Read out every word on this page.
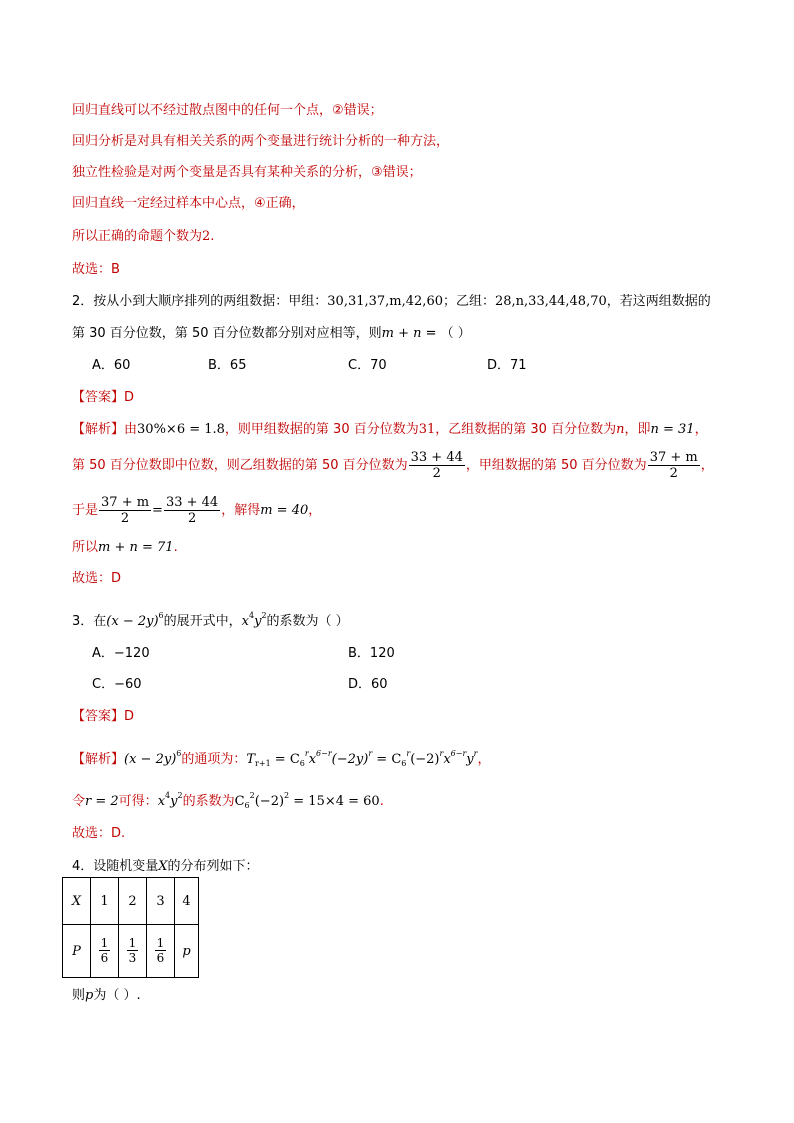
回归直线可以不经过散点图中的任何一个点，②错误；
回归分析是对具有相关关系的两个变量进行统计分析的一种方法，
独立性检验是对两个变量是否具有某种关系的分析，③错误；
回归直线一定经过样本中心点，④正确，
所以正确的命题个数为2.
故选：B
2．按从小到大顺序排列的两组数据：甲组：30,31,37,m,42,60；乙组：28,n,33,44,48,70，若这两组数据的
第 30 百分位数，第 50 百分位数都分别对应相等，则m + n = （ ）
A．60	B．65	C．70	D．71
【答案】D
【解析】由30%×6 = 1.8，则甲组数据的第 30 百分位数为31，乙组数据的第 30 百分位数为n，即n = 31，
第 50 百分位数即中位数，则乙组数据的第 50 百分位数为 $\frac{33 + 44}{2}$ ，甲组数据的第 50 百分位数为 $\frac{37 + m}{2}$ ，
于是 $\frac{37 + m}{2} = \frac{33 + 44}{2}$ ，解得m = 40，
所以m + n = 71.
故选：D
3．在$(x - 2y)^6$的展开式中，$x^4y^2$的系数为（ ）
A．−120	B．120
C．−60	D．60
【答案】D
【解析】$(x - 2y)^6$的通项为：$T_{r+1} = C_6^rx^{6-r}(-2y)^r = C_6^r(-2)^rx^{6-r}y^r$，
令r = 2可得：$x^4y^2$的系数为$C_6^2(-2)^2 = 15\times 4 = 60$.
故选：D.
4．设随机变量X的分布列如下：
X	1	2	3	4
P	$\frac{1}{6}$	$\frac{1}{3}$	$\frac{1}{6}$	p
则p为（ ）.
